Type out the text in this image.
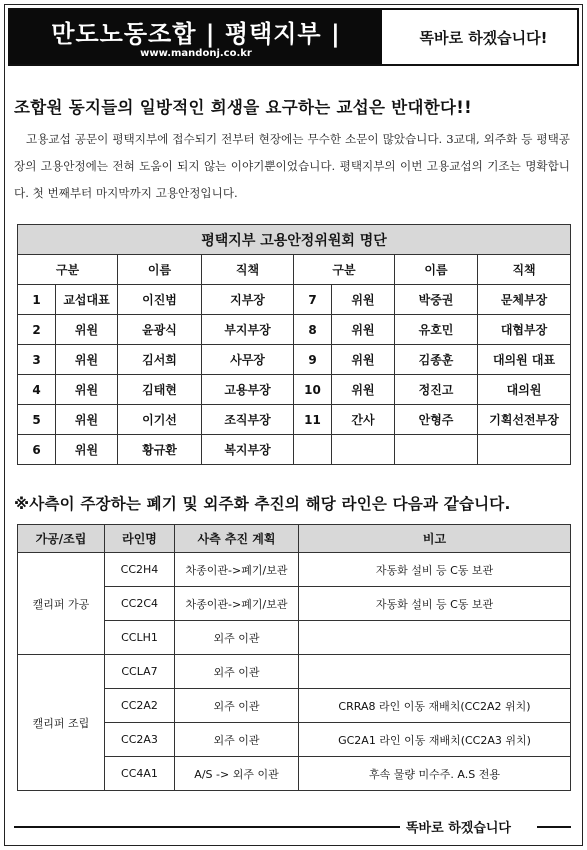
만도노동조합 | 평택지부 |
www.mandonj.co.kr
똑바로 하겠습니다!
조합원 동지들의 일방적인 희생을 요구하는 교섭은 반대한다!!
고용교섭 공문이 평택지부에 접수되기 전부터 현장에는 무수한 소문이 많았습니다. 3교대, 외주화 등 평택공장의 고용안정에는 전혀 도움이 되지 않는 이야기뿐이었습니다. 평택지부의 이번 고용교섭의 기조는 명확합니다. 첫 번째부터 마지막까지 고용안정입니다.
평택지부 고용안정위원회 명단							
구분		이름	직책	구분		이름	직책
1	교섭대표	이진범	지부장	7	위원	박중권	문체부장
2	위원	윤광식	부지부장	8	위원	유호민	대협부장
3	위원	김서희	사무장	9	위원	김종훈	대의원 대표
4	위원	김태현	고용부장	10	위원	정진고	대의원
5	위원	이기선	조직부장	11	간사	안형주	기획선전부장
6	위원	황규환	복지부장				
※사측이 주장하는 폐기 및 외주화 추진의 해당 라인은 다음과 같습니다.
가공/조립	라인명	사측 추진 계획	비고
캘리퍼 가공	CC2H4	차종이관->폐기/보관	자동화 설비 등 C동 보관
	CC2C4	차종이관->폐기/보관	자동화 설비 등 C동 보관
	CCLH1	외주 이관	
캘리퍼 조립	CCLA7	외주 이관	
	CC2A2	외주 이관	CRRA8 라인 이동 재배치(CC2A2 위치)
	CC2A3	외주 이관	GC2A1 라인 이동 재배치(CC2A3 위치)
	CC4A1	A/S -> 외주 이관	후속 물량 미수주. A.S 전용
똑바로 하겠습니다
